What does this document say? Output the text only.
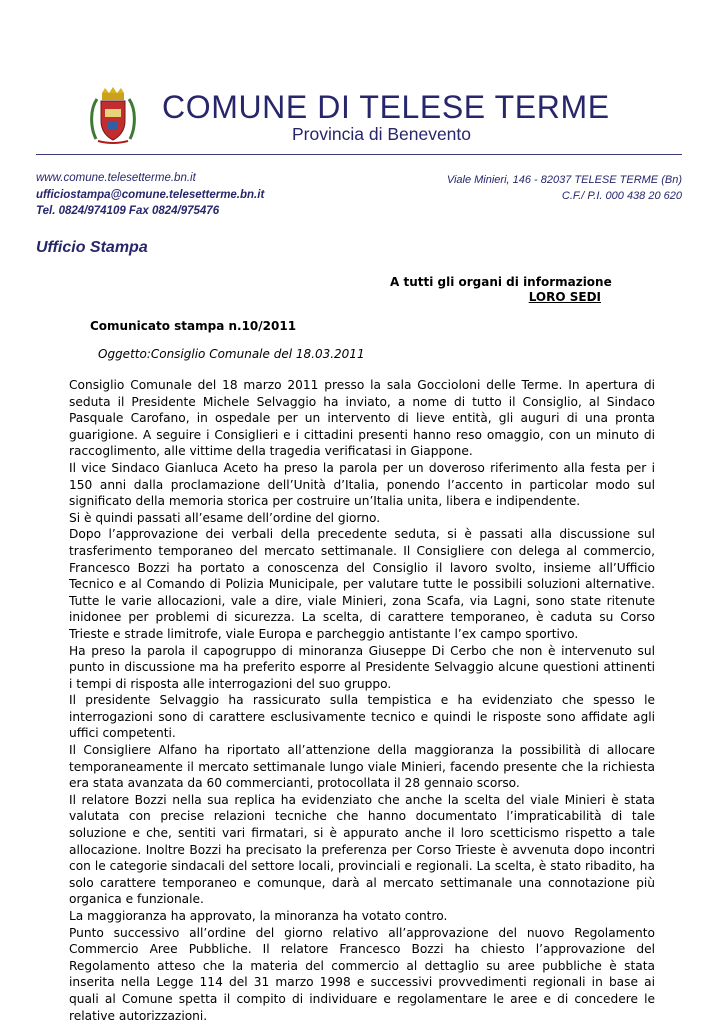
COMUNE DI TELESE TERME
Provincia di Benevento
www.comune.telesetterme.bn.it
ufficiostampa@comune.telesetterme.bn.it
Tel. 0824/974109 Fax 0824/975476
Viale Minieri, 146 - 82037 TELESE TERME (Bn)
C.F./ P.I. 000 438 20 620
Ufficio Stampa
A tutti gli organi di informazione
LORO SEDI
Comunicato stampa n.10/2011
Oggetto:Consiglio Comunale del 18.03.2011

Consiglio Comunale del 18 marzo 2011 presso la sala Goccioloni delle Terme. In apertura di seduta il Presidente Michele Selvaggio ha inviato, a nome di tutto il Consiglio, al Sindaco Pasquale Carofano, in ospedale per un intervento di lieve entità, gli auguri di una pronta guarigione. A seguire i Consiglieri e i cittadini presenti hanno reso omaggio, con un minuto di raccoglimento, alle vittime della tragedia verificatasi in Giappone.

Il vice Sindaco Gianluca Aceto ha preso la parola per un doveroso riferimento alla festa per i 150 anni dalla proclamazione dell’Unità d’Italia, ponendo l’accento in particolar modo sul significato della memoria storica per costruire un’Italia unita, libera e indipendente.

Si è quindi passati all’esame dell’ordine del giorno.

Dopo l’approvazione dei verbali della precedente seduta, si è passati alla discussione sul trasferimento temporaneo del mercato settimanale. Il Consigliere con delega al commercio, Francesco Bozzi ha portato a conoscenza del Consiglio il lavoro svolto, insieme all’Ufficio Tecnico e al Comando di Polizia Municipale, per valutare tutte le possibili soluzioni alternative. Tutte le varie allocazioni, vale a dire, viale Minieri, zona Scafa, via Lagni, sono state ritenute inidonee per problemi di sicurezza. La scelta, di carattere temporaneo, è caduta su Corso Trieste e strade limitrofe, viale Europa e parcheggio antistante l’ex campo sportivo.

Ha preso la parola il capogruppo di minoranza Giuseppe Di Cerbo che non è intervenuto sul punto in discussione ma ha preferito esporre al Presidente Selvaggio alcune questioni attinenti i tempi di risposta alle interrogazioni del suo gruppo.

Il presidente Selvaggio ha rassicurato sulla tempistica e ha evidenziato che spesso le interrogazioni sono di carattere esclusivamente tecnico e quindi le risposte sono affidate agli uffici competenti.

Il Consigliere Alfano ha riportato all’attenzione della maggioranza la possibilità di allocare temporaneamente il mercato settimanale lungo viale Minieri, facendo presente che la richiesta era stata avanzata da 60 commercianti, protocollata il 28 gennaio scorso.

Il relatore Bozzi nella sua replica ha evidenziato che anche la scelta del viale Minieri è stata valutata con precise relazioni tecniche che hanno documentato l’impraticabilità di tale soluzione e che, sentiti vari firmatari, si è appurato anche il loro scetticismo rispetto a tale allocazione. Inoltre Bozzi ha precisato la preferenza per Corso Trieste è avvenuta dopo incontri con le categorie sindacali del settore locali, provinciali e regionali. La scelta, è stato ribadito, ha solo carattere temporaneo e comunque, darà al mercato settimanale una connotazione più organica e funzionale.

La maggioranza ha approvato, la minoranza ha votato contro.

Punto successivo all’ordine del giorno relativo all’approvazione del nuovo Regolamento Commercio Aree Pubbliche. Il relatore Francesco Bozzi ha chiesto l’approvazione del Regolamento atteso che la materia del commercio al dettaglio su aree pubbliche è stata inserita nella Legge 114 del 31 marzo 1998 e successivi provvedimenti regionali in base ai quali al Comune spetta il compito di individuare e regolamentare le aree e di concedere le relative autorizzazioni.
